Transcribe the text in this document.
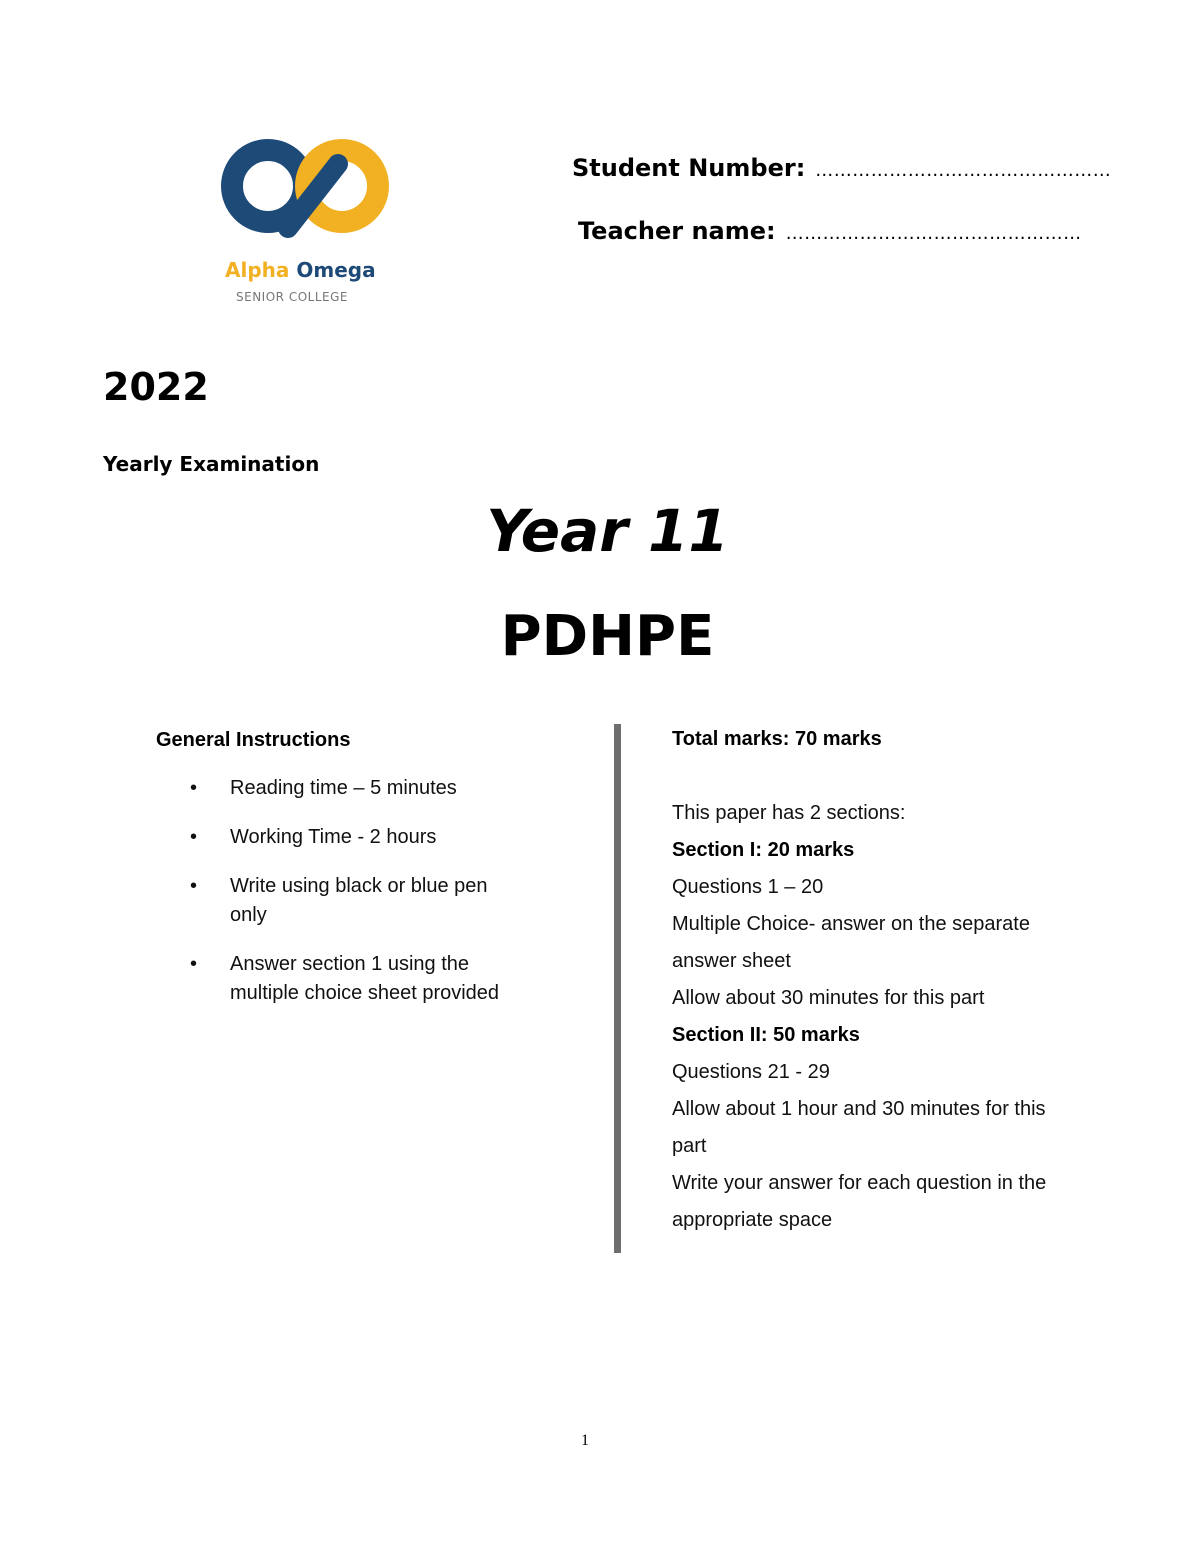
Alpha Omega
SENIOR COLLEGE
Student Number: …………………………………………
Teacher name: …………………………………………
2022
Yearly Examination
Year 11
PDHPE
General Instructions
• Reading time – 5 minutes
• Working Time - 2 hours
• Write using black or blue pen only
• Answer section 1 using the multiple choice sheet provided

Total marks: 70 marks

This paper has 2 sections:

Section I: 20 marks

Questions 1 – 20

Multiple Choice- answer on the separate answer sheet

Allow about 30 minutes for this part

Section II: 50 marks

Questions 21 - 29

Allow about 1 hour and 30 minutes for this part

Write your answer for each question in the appropriate space

1
